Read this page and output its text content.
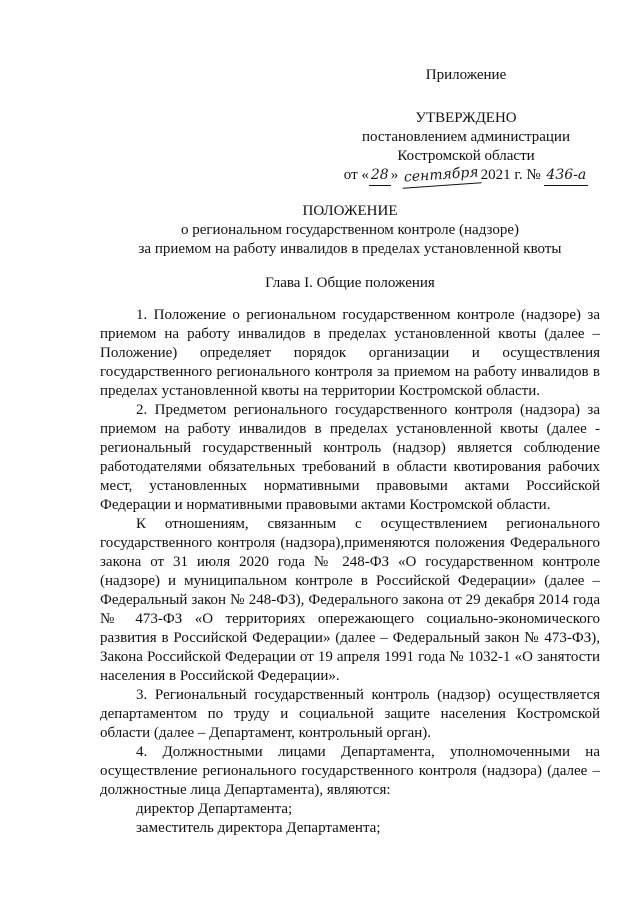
Приложение
УТВЕРЖДЕНО
постановлением администрации
Костромской области
от « 28 » сентября 2021 г. № 436-а
ПОЛОЖЕНИЕ
о региональном государственном контроле (надзоре)
за приемом на работу инвалидов в пределах установленной квоты
Глава I. Общие положения

1. Положение о региональном государственном контроле (надзоре) за приемом на работу инвалидов в пределах установленной квоты (далее – Положение) определяет порядок организации и осуществления государственного регионального контроля за приемом на работу инвалидов в пределах установленной квоты на территории Костромской области.

2. Предметом регионального государственного контроля (надзора) за приемом на работу инвалидов в пределах установленной квоты (далее - региональный государственный контроль (надзор) является соблюдение работодателями обязательных требований в области квотирования рабочих мест, установленных нормативными правовыми актами Российской Федерации и нормативными правовыми актами Костромской области.

К отношениям, связанным с осуществлением регионального государственного контроля (надзора),применяются положения Федерального закона от 31 июля 2020 года № 248-ФЗ «О государственном контроле (надзоре) и муниципальном контроле в Российской Федерации» (далее – Федеральный закон № 248-ФЗ), Федерального закона от 29 декабря 2014 года № 473-ФЗ «О территориях опережающего социально-экономического развития в Российской Федерации» (далее – Федеральный закон № 473-ФЗ), Закона Российской Федерации от 19 апреля 1991 года № 1032-1 «О занятости населения в Российской Федерации».

3. Региональный государственный контроль (надзор) осуществляется департаментом по труду и социальной защите населения Костромской области (далее – Департамент, контрольный орган).

4. Должностными лицами Департамента, уполномоченными на осуществление регионального государственного контроля (надзора) (далее – должностные лица Департамента), являются:

директор Департамента;

заместитель директора Департамента;
